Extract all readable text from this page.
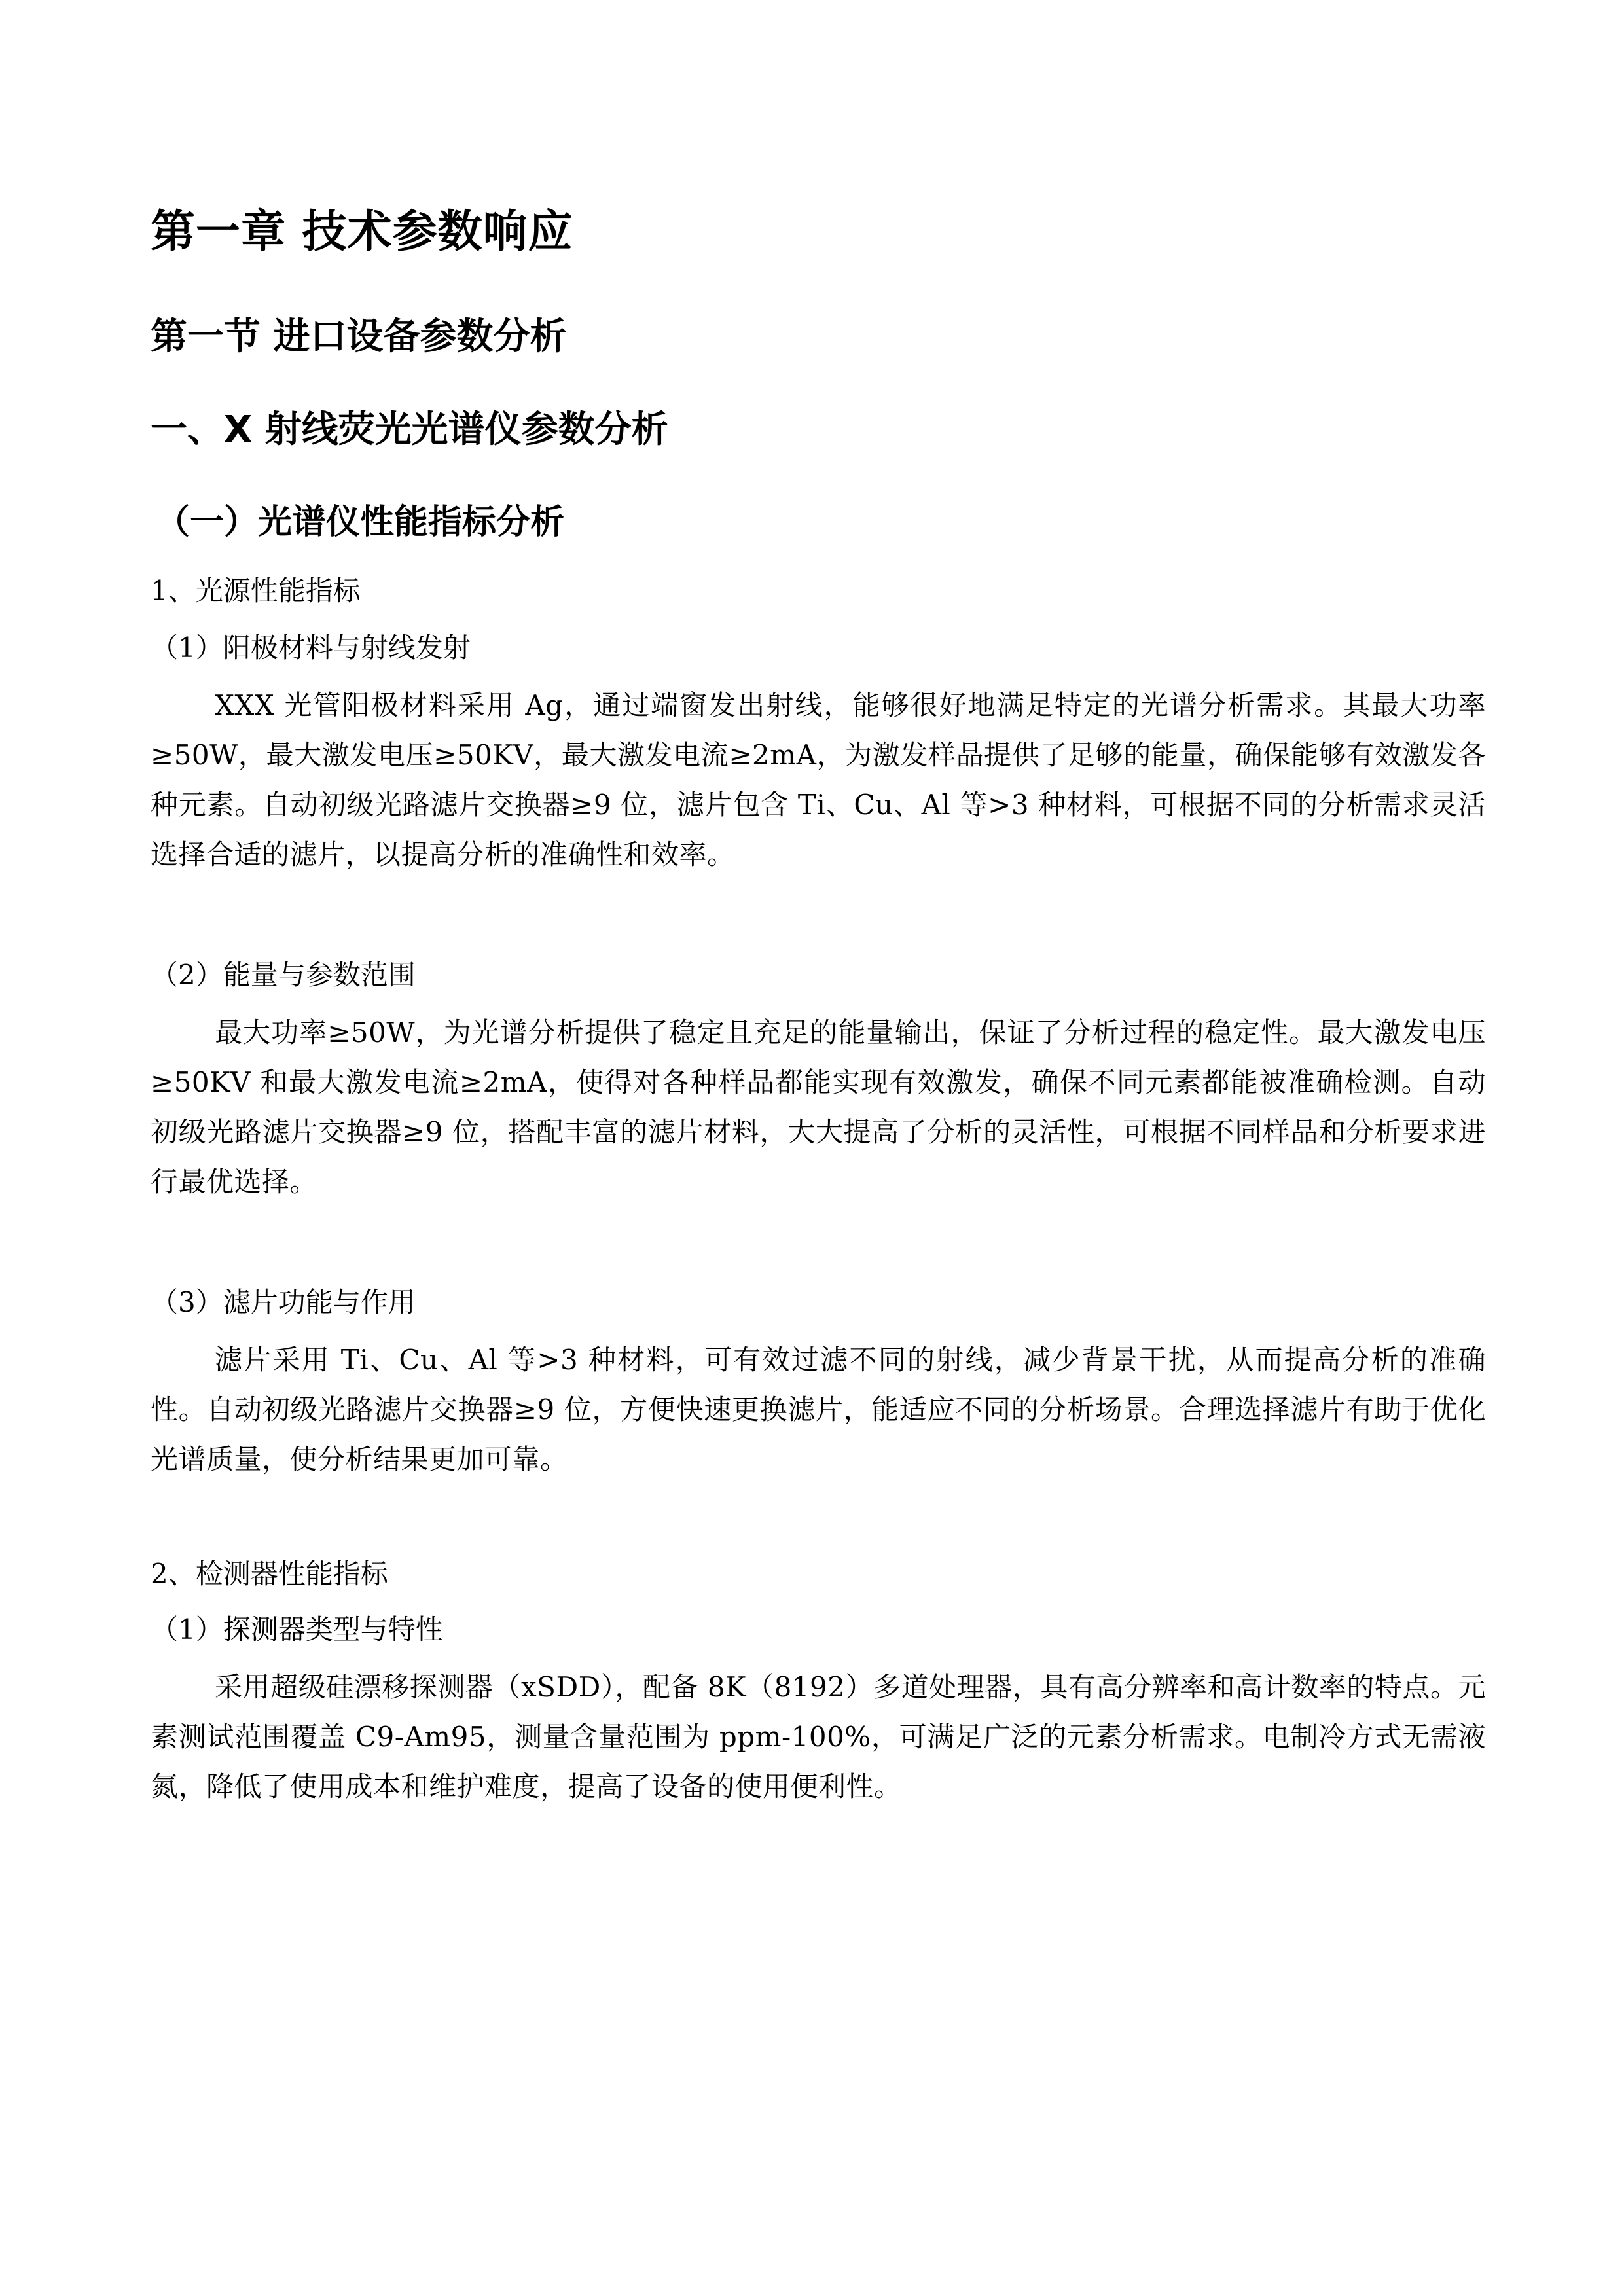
第一章 技术参数响应
第一节 进口设备参数分析
一、X 射线荧光光谱仪参数分析
（一）光谱仪性能指标分析
1、光源性能指标
（1）阳极材料与射线发射

XXX 光管阳极材料采用 Ag，通过端窗发出射线，能够很好地满足特定的光谱分析需求。其最大功率≥50W，最大激发电压≥50KV，最大激发电流≥2mA，为激发样品提供了足够的能量，确保能够有效激发各种元素。自动初级光路滤片交换器≥9 位，滤片包含 Ti、Cu、Al 等>3 种材料，可根据不同的分析需求灵活选择合适的滤片，以提高分析的准确性和效率。

（2）能量与参数范围

最大功率≥50W，为光谱分析提供了稳定且充足的能量输出，保证了分析过程的稳定性。最大激发电压≥50KV 和最大激发电流≥2mA，使得对各种样品都能实现有效激发，确保不同元素都能被准确检测。自动初级光路滤片交换器≥9 位，搭配丰富的滤片材料，大大提高了分析的灵活性，可根据不同样品和分析要求进行最优选择。

（3）滤片功能与作用

滤片采用 Ti、Cu、Al 等>3 种材料，可有效过滤不同的射线，减少背景干扰，从而提高分析的准确性。自动初级光路滤片交换器≥9 位，方便快速更换滤片，能适应不同的分析场景。合理选择滤片有助于优化光谱质量，使分析结果更加可靠。

2、检测器性能指标
（1）探测器类型与特性

采用超级硅漂移探测器（xSDD），配备 8K（8192）多道处理器，具有高分辨率和高计数率的特点。元素测试范围覆盖 C9-Am95，测量含量范围为 ppm-100%，可满足广泛的元素分析需求。电制冷方式无需液氮，降低了使用成本和维护难度，提高了设备的使用便利性。
